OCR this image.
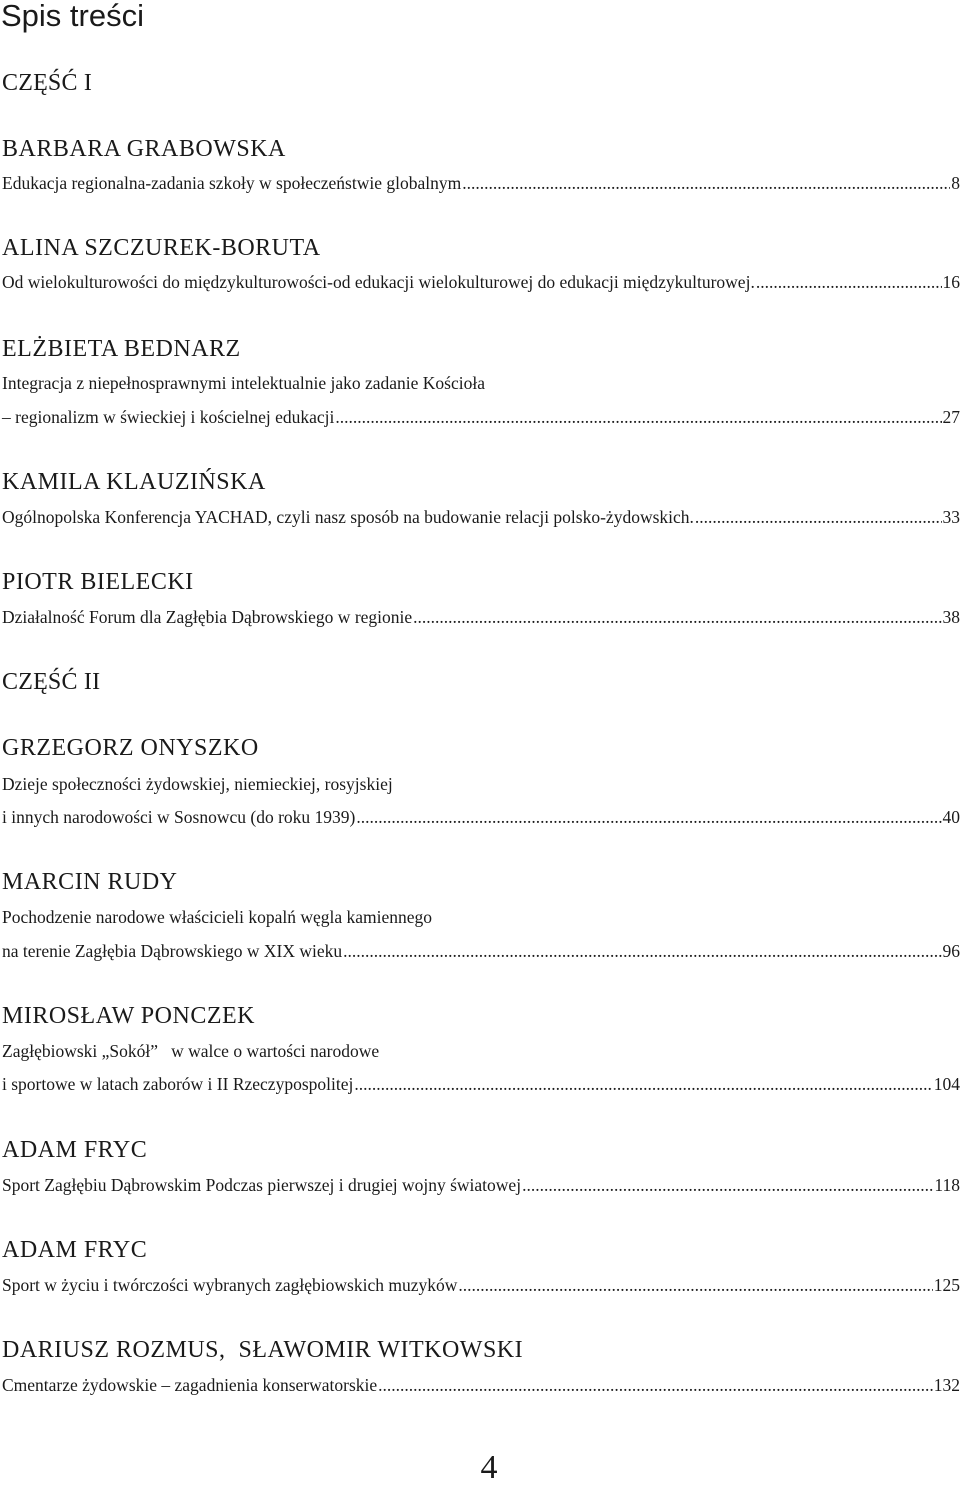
Spis treści
CZĘŚĆ I
BARBARA GRABOWSKA
Edukacja regionalna-zadania szkoły w społeczeństwie globalnym .....	8
ALINA SZCZUREK-BORUTA
Od wielokulturowości do międzykulturowości-od edukacji wielokulturowej do edukacji międzykulturowej. .....	16
ELŻBIETA BEDNARZ
Integracja z niepełnosprawnymi intelektualnie jako zadanie Kościoła
– regionalizm w świeckiej i kościelnej edukacji .....	27
KAMILA KLAUZIŃSKA
Ogólnopolska Konferencja YACHAD, czyli nasz sposób na budowanie relacji polsko-żydowskich. .....	33
PIOTR BIELECKI
Działalność Forum dla Zagłębia Dąbrowskiego w regionie .....	38
CZĘŚĆ II
GRZEGORZ ONYSZKO
Dzieje społeczności żydowskiej, niemieckiej, rosyjskiej
i innych narodowości w Sosnowcu (do roku 1939) .....	40
MARCIN RUDY
Pochodzenie narodowe właścicieli kopalń węgla kamiennego
na terenie Zagłębia Dąbrowskiego w XIX wieku .....	96
MIROSŁAW PONCZEK
Zagłębiowski „Sokół”   w walce o wartości narodowe
i sportowe w latach zaborów i II Rzeczypospolitej .....	104
ADAM FRYC
Sport Zagłębiu Dąbrowskim Podczas pierwszej i drugiej wojny światowej .....	118
ADAM FRYC
Sport w życiu i twórczości wybranych zagłębiowskich muzyków .....	125
DARIUSZ ROZMUS,  SŁAWOMIR WITKOWSKI
Cmentarze żydowskie – zagadnienia konserwatorskie .....	132
4
